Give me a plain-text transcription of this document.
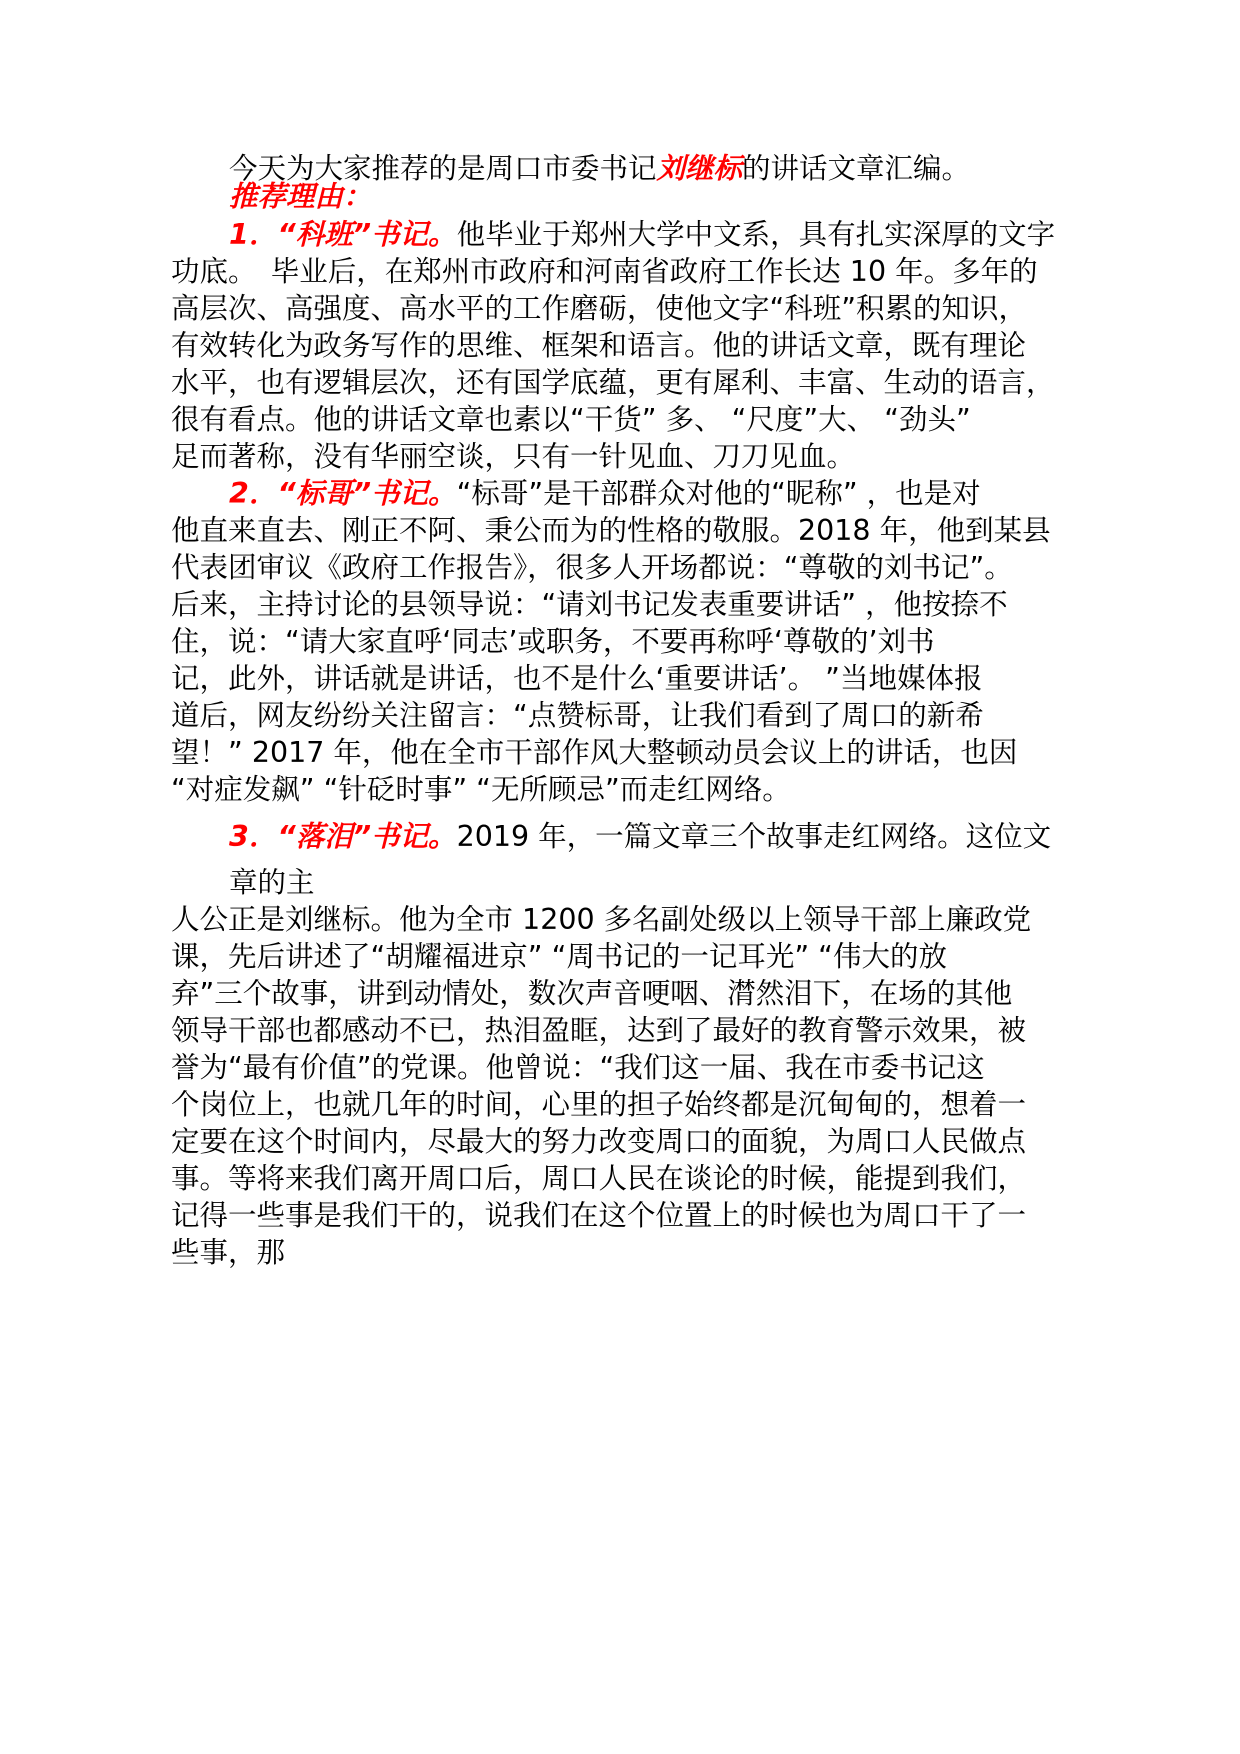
今天为大家推荐的是周口市委书记刘继标的讲话文章汇编。
推荐理由：
1．“科班”书记。他毕业于郑州大学中文系，具有扎实深厚的文字
功底。　毕业后，在郑州市政府和河南省政府工作长达 10 年。多年的
高层次、高强度、高水平的工作磨砺，使他文字“科班”积累的知识，
有效转化为政务写作的思维、框架和语言。他的讲话文章，既有理论
水平，也有逻辑层次，还有国学底蕴，更有犀利、丰富、生动的语言，
很有看点。他的讲话文章也素以“干货” 多、 “尺度”大、 “劲头”
足而著称，没有华丽空谈，只有一针见血、刀刀见血。
2．“标哥”书记。“标哥”是干部群众对他的“昵称” ，也是对
他直来直去、刚正不阿、秉公而为的性格的敬服。2018 年，他到某县
代表团审议《政府工作报告》，很多人开场都说：“尊敬的刘书记”。
后来，主持讨论的县领导说：“请刘书记发表重要讲话” ，他按捺不
住，说：“请大家直呼‘同志’或职务，不要再称呼‘尊敬的’刘书
记，此外，讲话就是讲话，也不是什么‘重要讲话’。 ”当地媒体报
道后，网友纷纷关注留言：“点赞标哥，让我们看到了周口的新希
望！” 2017 年，他在全市干部作风大整顿动员会议上的讲话，也因
“对症发飙” “针砭时事” “无所顾忌”而走红网络。
3．“落泪”书记。2019 年，一篇文章三个故事走红网络。这位文
章的主
人公正是刘继标。他为全市 1200 多名副处级以上领导干部上廉政党
课，先后讲述了“胡耀福进京” “周书记的一记耳光” “伟大的放
弃”三个故事，讲到动情处，数次声音哽咽、潸然泪下，在场的其他
领导干部也都感动不已，热泪盈眶，达到了最好的教育警示效果，被
誉为“最有价值”的党课。他曾说：“我们这一届、我在市委书记这
个岗位上，也就几年的时间，心里的担子始终都是沉甸甸的，想着一
定要在这个时间内，尽最大的努力改变周口的面貌，为周口人民做点
事。等将来我们离开周口后，周口人民在谈论的时候，能提到我们，
记得一些事是我们干的，说我们在这个位置上的时候也为周口干了一
些事，那
